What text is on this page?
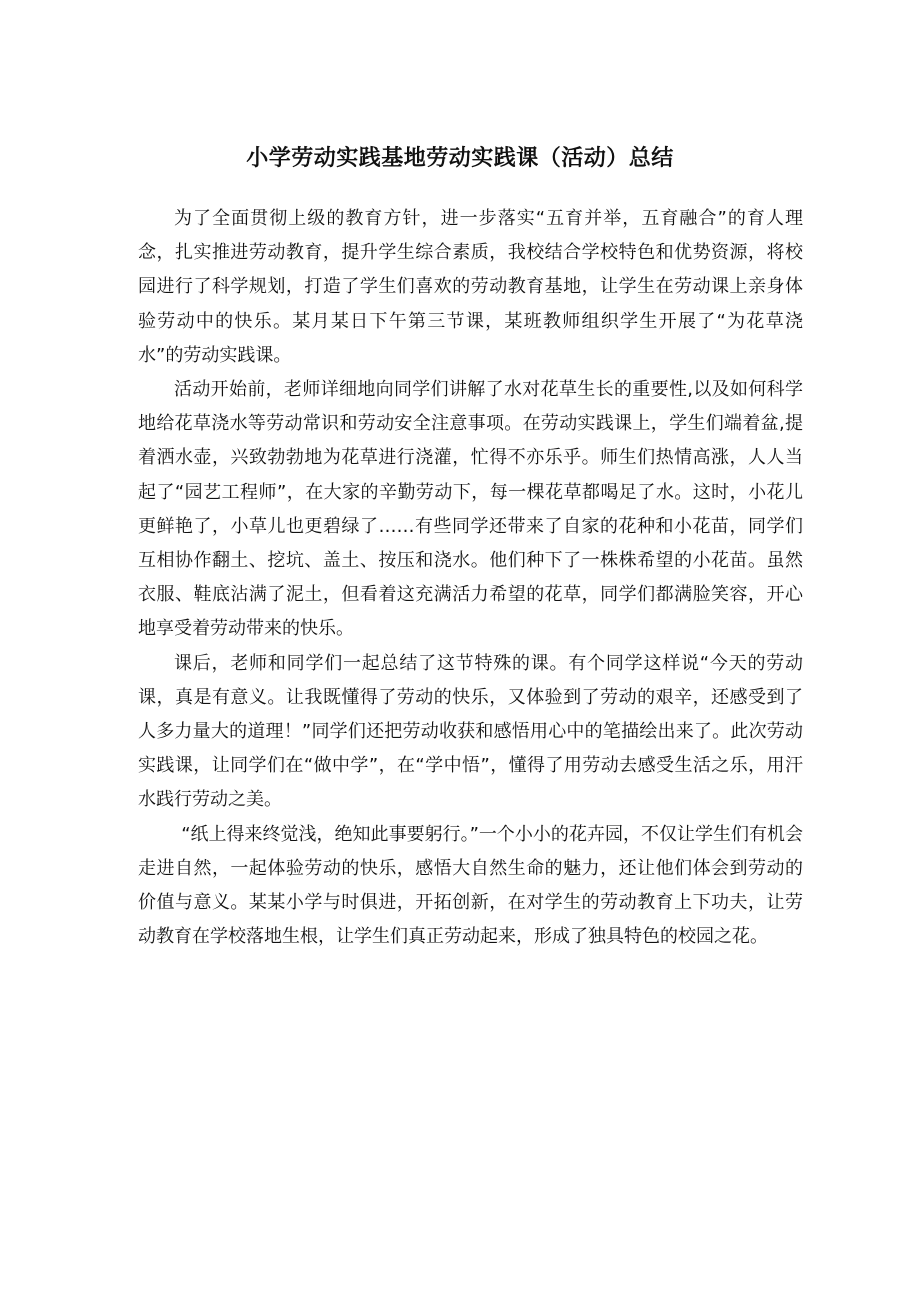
小学劳动实践基地劳动实践课（活动）总结

为了全面贯彻上级的教育方针，进一步落实“五育并举，五育融合”的育人理念，扎实推进劳动教育，提升学生综合素质，我校结合学校特色和优势资源，将校园进行了科学规划，打造了学生们喜欢的劳动教育基地，让学生在劳动课上亲身体验劳动中的快乐。某月某日下午第三节课，某班教师组织学生开展了“为花草浇水”的劳动实践课。

活动开始前，老师详细地向同学们讲解了水对花草生长的重要性,以及如何科学地给花草浇水等劳动常识和劳动安全注意事项。在劳动实践课上，学生们端着盆,提着洒水壶，兴致勃勃地为花草进行浇灌，忙得不亦乐乎。师生们热情高涨，人人当起了“园艺工程师”，在大家的辛勤劳动下，每一棵花草都喝足了水。这时，小花儿更鲜艳了，小草儿也更碧绿了……有些同学还带来了自家的花种和小花苗，同学们互相协作翻土、挖坑、盖土、按压和浇水。他们种下了一株株希望的小花苗。虽然衣服、鞋底沾满了泥土，但看着这充满活力希望的花草，同学们都满脸笑容，开心地享受着劳动带来的快乐。

课后，老师和同学们一起总结了这节特殊的课。有个同学这样说“今天的劳动课，真是有意义。让我既懂得了劳动的快乐，又体验到了劳动的艰辛，还感受到了人多力量大的道理！”同学们还把劳动收获和感悟用心中的笔描绘出来了。此次劳动实践课，让同学们在“做中学”，在“学中悟”，懂得了用劳动去感受生活之乐，用汗水践行劳动之美。

“纸上得来终觉浅，绝知此事要躬行。”一个小小的花卉园，不仅让学生们有机会走进自然，一起体验劳动的快乐，感悟大自然生命的魅力，还让他们体会到劳动的价值与意义。某某小学与时俱进，开拓创新，在对学生的劳动教育上下功夫，让劳动教育在学校落地生根，让学生们真正劳动起来，形成了独具特色的校园之花。
